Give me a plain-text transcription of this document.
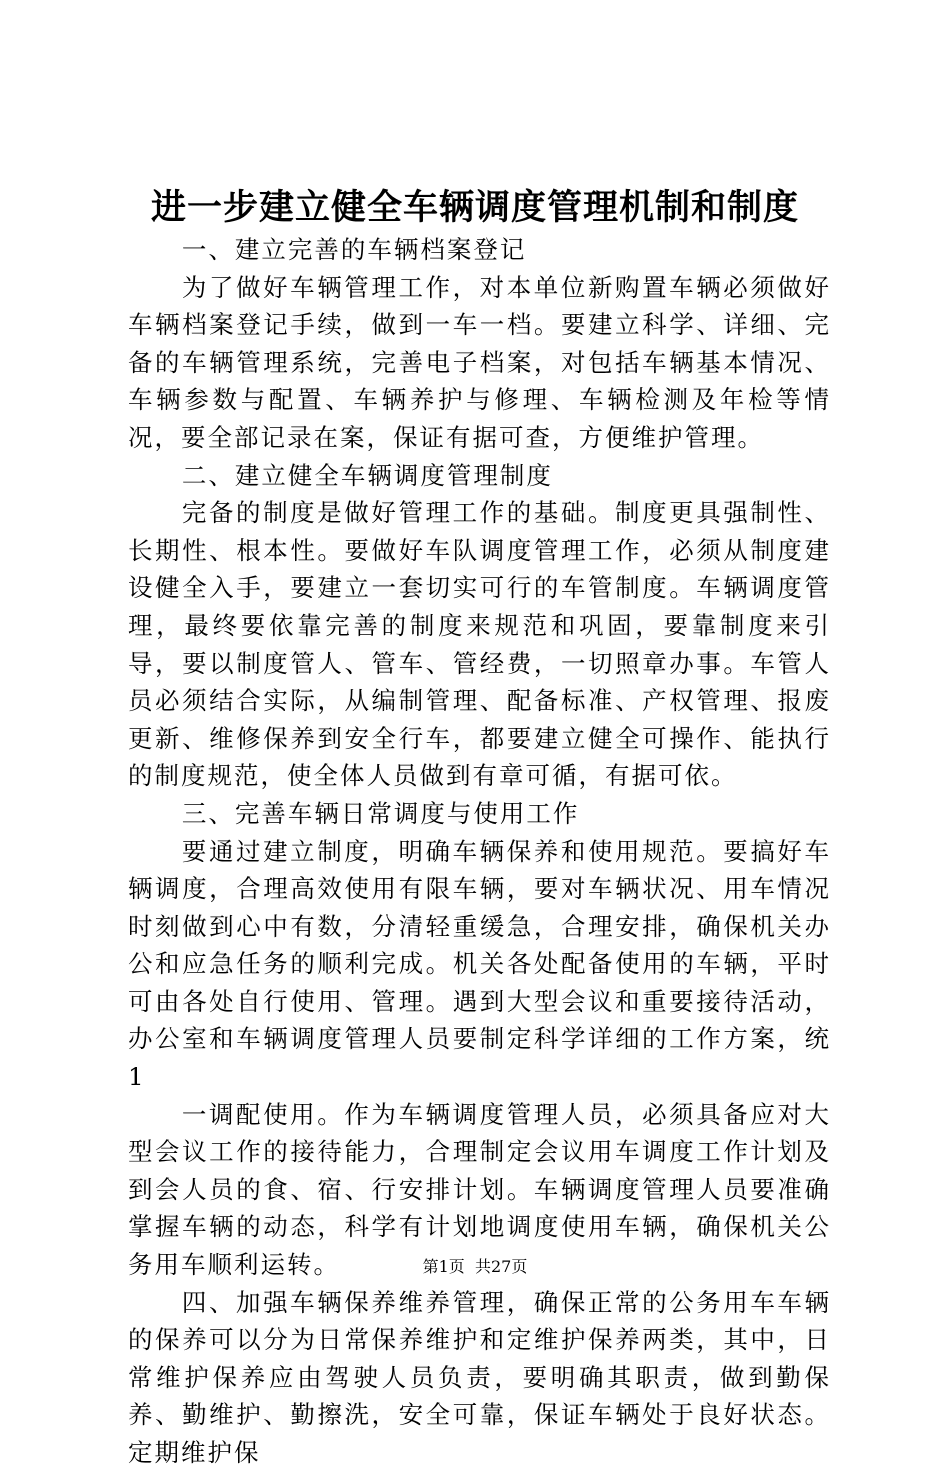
进一步建立健全车辆调度管理机制和制度

一、建立完善的车辆档案登记

为了做好车辆管理工作，对本单位新购置车辆必须做好车辆档案登记手续，做到一车一档。要建立科学、详细、完备的车辆管理系统，完善电子档案，对包括车辆基本情况、车辆参数与配置、车辆养护与修理、车辆检测及年检等情况，要全部记录在案，保证有据可查，方便维护管理。

二、建立健全车辆调度管理制度

完备的制度是做好管理工作的基础。制度更具强制性、长期性、根本性。要做好车队调度管理工作，必须从制度建设健全入手，要建立一套切实可行的车管制度。车辆调度管理，最终要依靠完善的制度来规范和巩固，要靠制度来引导，要以制度管人、管车、管经费，一切照章办事。车管人员必须结合实际，从编制管理、配备标准、产权管理、报废更新、维修保养到安全行车，都要建立健全可操作、能执行的制度规范，使全体人员做到有章可循，有据可依。

三、完善车辆日常调度与使用工作

要通过建立制度，明确车辆保养和使用规范。要搞好车辆调度，合理高效使用有限车辆，要对车辆状况、用车情况时刻做到心中有数，分清轻重缓急，合理安排，确保机关办公和应急任务的顺利完成。机关各处配备使用的车辆，平时可由各处自行使用、管理。遇到大型会议和重要接待活动，办公室和车辆调度管理人员要制定科学详细的工作方案，统1

一调配使用。作为车辆调度管理人员，必须具备应对大型会议工作的接待能力，合理制定会议用车调度工作计划及到会人员的食、宿、行安排计划。车辆调度管理人员要准确掌握车辆的动态，科学有计划地调度使用车辆，确保机关公务用车顺利运转。

四、加强车辆保养维养管理，确保正常的公务用车车辆的保养可以分为日常保养维护和定维护保养两类，其中，日常维护保养应由驾驶人员负责，要明确其职责，做到勤保养、勤维护、勤擦洗，安全可靠，保证车辆处于良好状态。定期维护保

第1页 共27页
